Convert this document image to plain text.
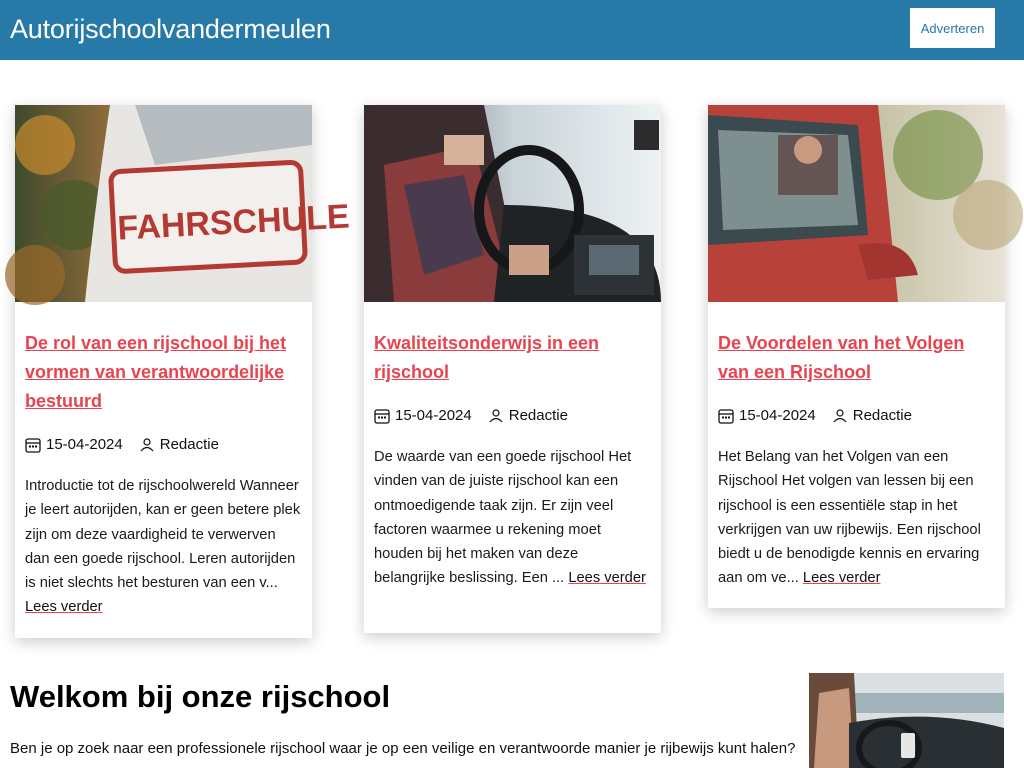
Autorijschoolvandermeulen	Adverteren
FAHRSCHULE
De rol van een rijschool bij het vormen van verantwoordelijke bestuurd
15-04-2024 Redactie

Introductie tot de rijschoolwereld Wanneer je leert autorijden, kan er geen betere plek zijn om deze vaardigheid te verwerven dan een goede rijschool. Leren autorijden is niet slechts het besturen van een v... Lees verder

Kwaliteitsonderwijs in een rijschool
15-04-2024 Redactie

De waarde van een goede rijschool Het vinden van de juiste rijschool kan een ontmoedigende taak zijn. Er zijn veel factoren waarmee u rekening moet houden bij het maken van deze belangrijke beslissing. Een ... Lees verder

De Voordelen van het Volgen van een Rijschool
15-04-2024 Redactie

Het Belang van het Volgen van een Rijschool Het volgen van lessen bij een rijschool is een essentiële stap in het verkrijgen van uw rijbewijs. Een rijschool biedt u de benodigde kennis en ervaring aan om ve... Lees verder

Welkom bij onze rijschool

Ben je op zoek naar een professionele rijschool waar je op een veilige en verantwoorde manier je rijbewijs kunt halen?
